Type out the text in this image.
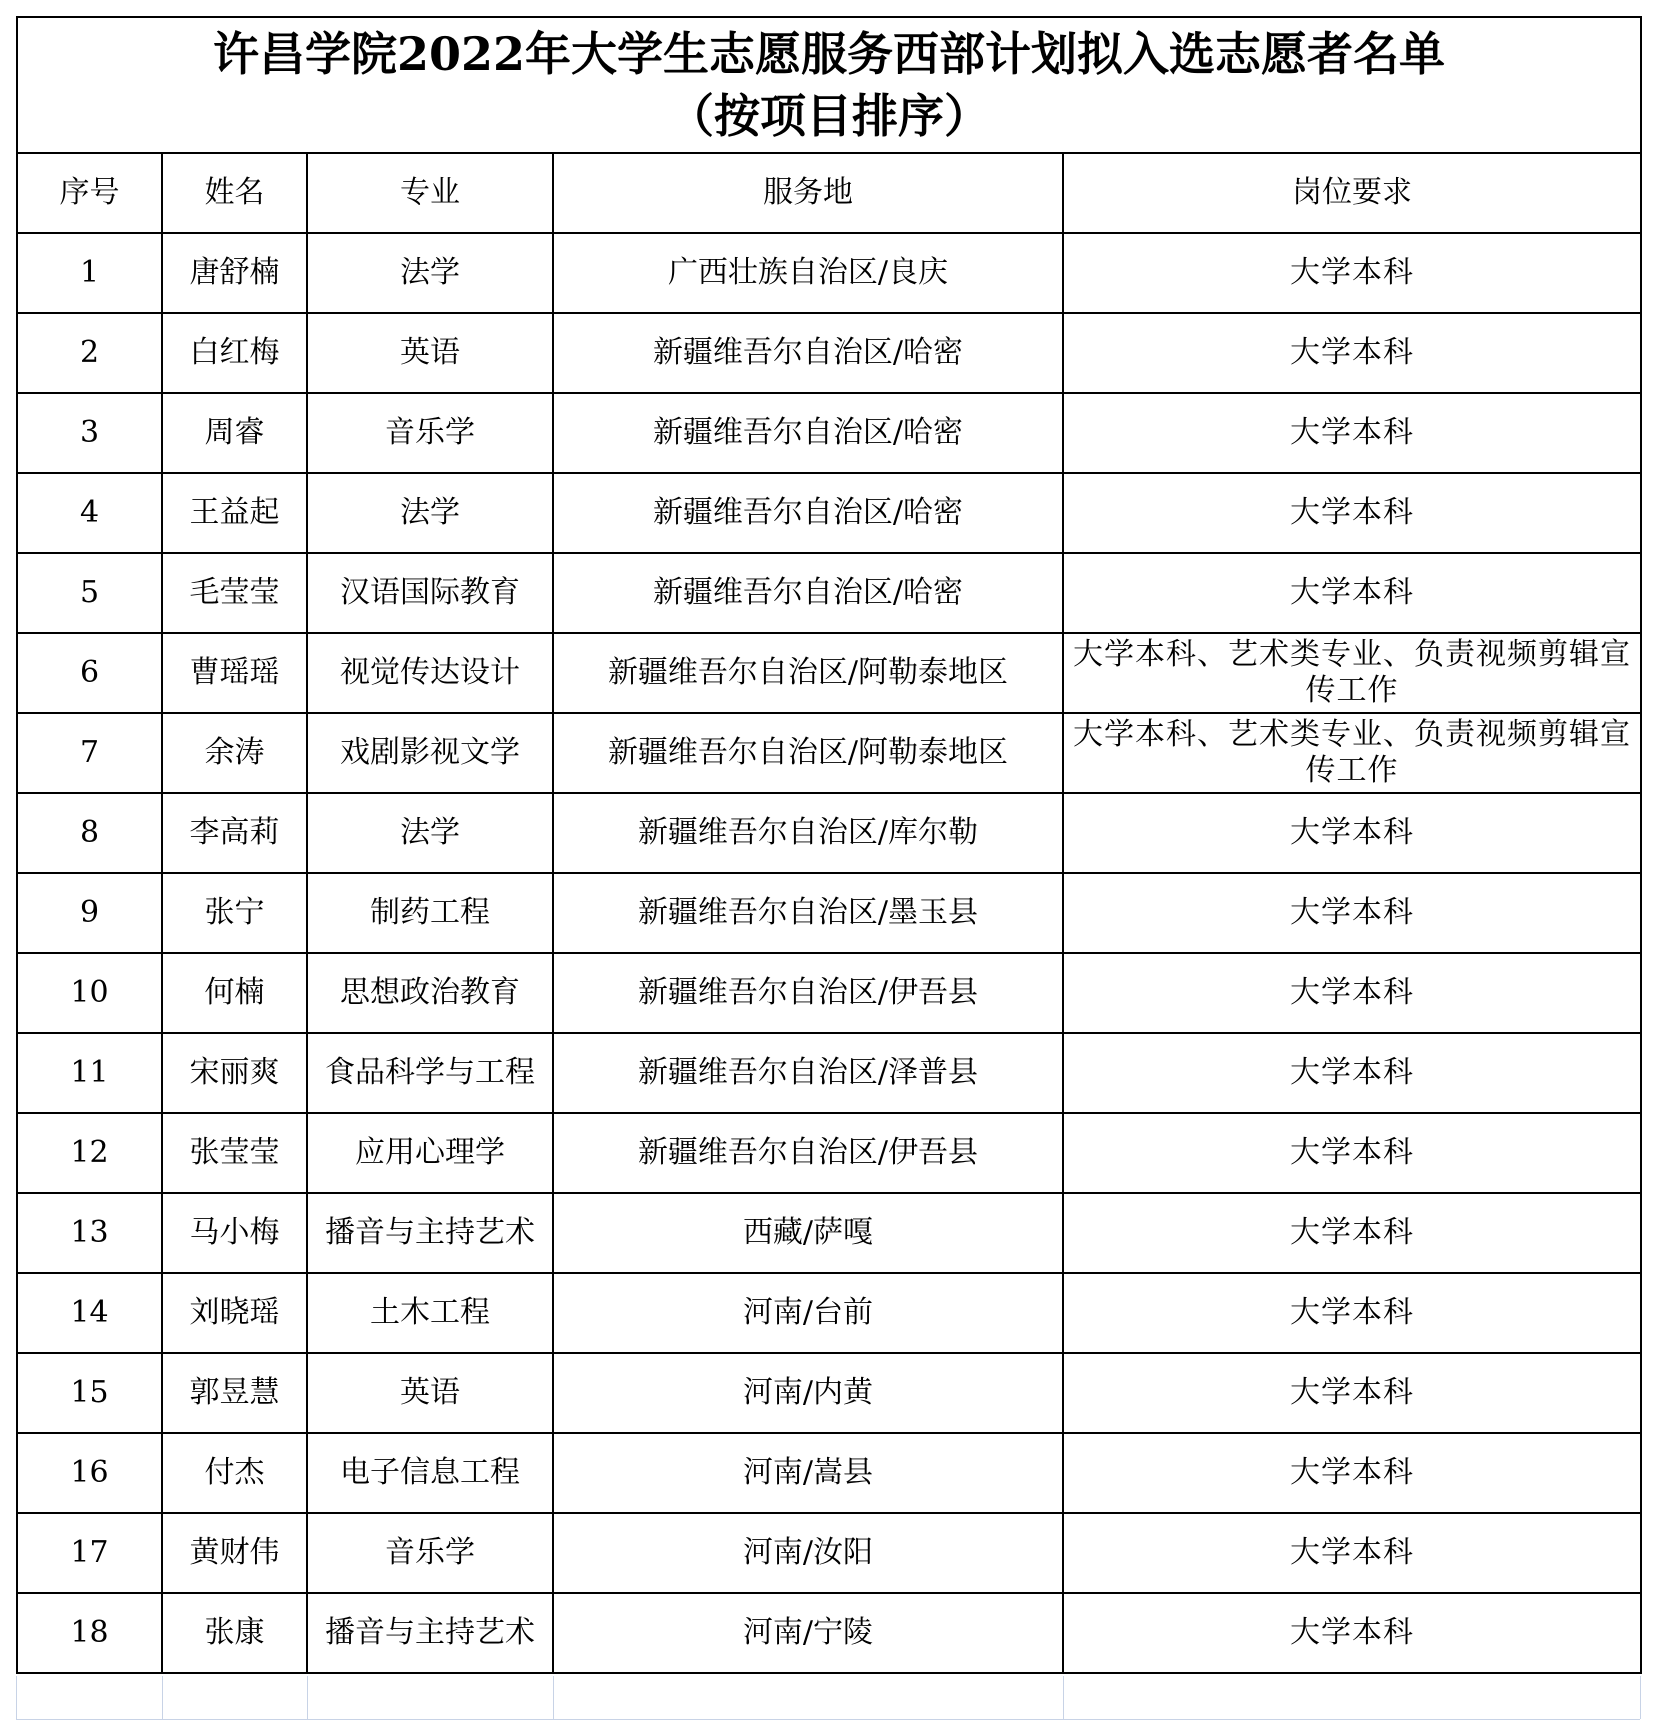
许昌学院2022年大学生志愿服务西部计划拟入选志愿者名单
（按项目排序）				

序号	姓名	专业	服务地	岗位要求
1	唐舒楠	法学	广西壮族自治区/良庆	大学本科
2	白红梅	英语	新疆维吾尔自治区/哈密	大学本科
3	周睿	音乐学	新疆维吾尔自治区/哈密	大学本科
4	王益起	法学	新疆维吾尔自治区/哈密	大学本科
5	毛莹莹	汉语国际教育	新疆维吾尔自治区/哈密	大学本科
6	曹瑶瑶	视觉传达设计	新疆维吾尔自治区/阿勒泰地区	大学本科、艺术类专业、负责视频剪辑宣传工作
7	余涛	戏剧影视文学	新疆维吾尔自治区/阿勒泰地区	大学本科、艺术类专业、负责视频剪辑宣传工作
8	李高莉	法学	新疆维吾尔自治区/库尔勒	大学本科
9	张宁	制药工程	新疆维吾尔自治区/墨玉县	大学本科
10	何楠	思想政治教育	新疆维吾尔自治区/伊吾县	大学本科
11	宋丽爽	食品科学与工程	新疆维吾尔自治区/泽普县	大学本科
12	张莹莹	应用心理学	新疆维吾尔自治区/伊吾县	大学本科
13	马小梅	播音与主持艺术	西藏/萨嘎	大学本科
14	刘晓瑶	土木工程	河南/台前	大学本科
15	郭昱慧	英语	河南/内黄	大学本科
16	付杰	电子信息工程	河南/嵩县	大学本科
17	黄财伟	音乐学	河南/汝阳	大学本科
18	张康	播音与主持艺术	河南/宁陵	大学本科
